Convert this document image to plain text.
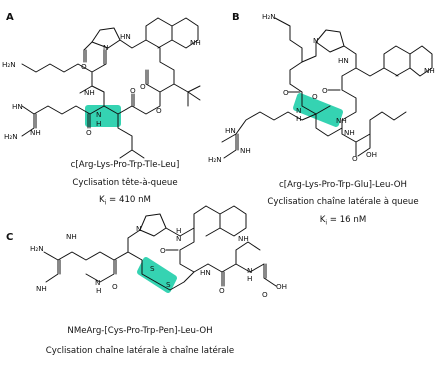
A	B
C
H₂N
NH
HN
H₂N NH
N
HN
NH
N
H
O
O
O
O
O
H₂N
O
N
HN
NH
O
NH
O
HN
H₂N
NH
NH
O OH
N
H
H₂N
NH
NH	O
N
NH
H
N
S
S
N
O
HN
O
N
H
OH
O
H
c[Arg-Lys-Pro-Trp-Tle-Leu]
Cyclisation tête-à-queue
$K_i = 410$ nM
c[Arg-Lys-Pro-Trp-Glu]-Leu-OH
Cyclisation chaîne latérale à queue
$K_i = 16$ nM
NMeArg-[Cys-Pro-Trp-Pen]-Leu-OH
Cyclisation chaîne latérale à chaîne latérale
